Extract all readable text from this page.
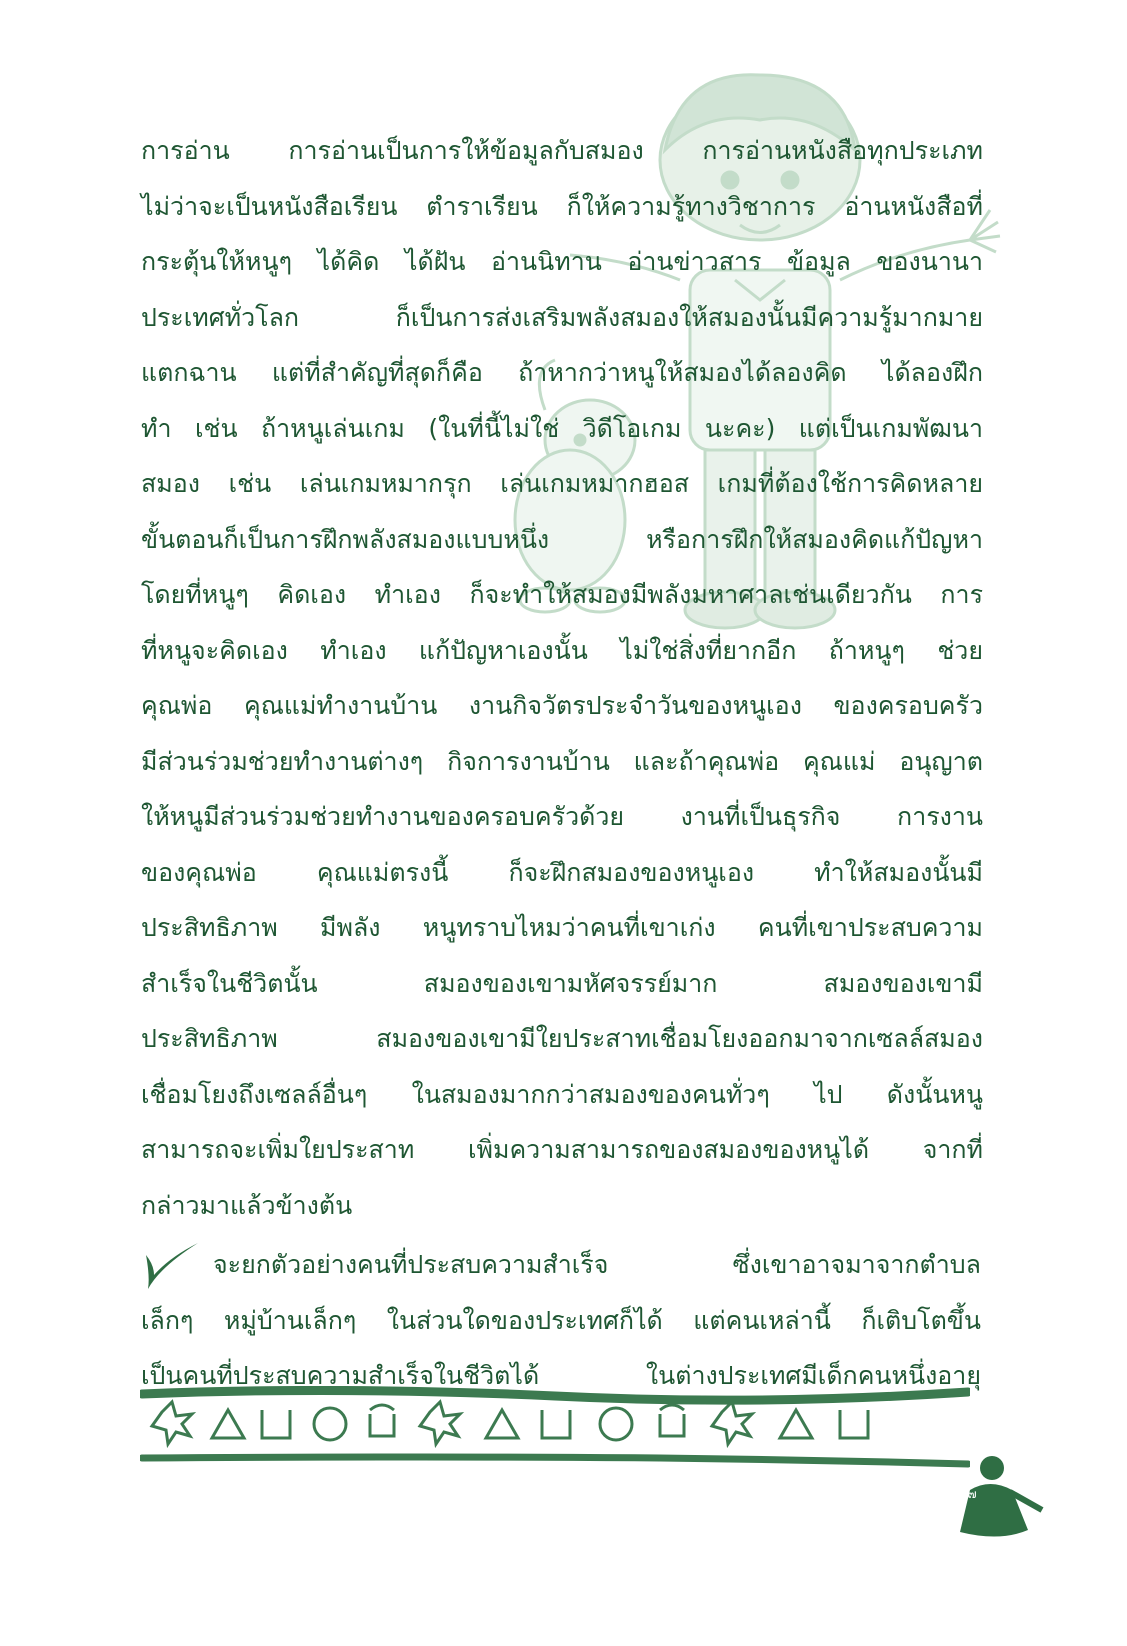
การอ่าน การอ่านเป็นการให้ข้อมูลกับสมอง การอ่านหนังสือทุกประเภท
ไม่ว่าจะเป็นหนังสือเรียน ตำราเรียน ก็ให้ความรู้ทางวิชาการ อ่านหนังสือที่
กระตุ้นให้หนูๆ ได้คิด ได้ฝัน อ่านนิทาน อ่านข่าวสาร ข้อมูล ของนานา
ประเทศทั่วโลก ก็เป็นการส่งเสริมพลังสมองให้สมองนั้นมีความรู้มากมาย
แตกฉาน แต่ที่สำคัญที่สุดก็คือ ถ้าหากว่าหนูให้สมองได้ลองคิด ได้ลองฝึก
ทำ เช่น ถ้าหนูเล่นเกม (ในที่นี้ไม่ใช่ วิดีโอเกม นะคะ) แต่เป็นเกมพัฒนา
สมอง เช่น เล่นเกมหมากรุก เล่นเกมหมากฮอส เกมที่ต้องใช้การคิดหลาย
ขั้นตอนก็เป็นการฝึกพลังสมองแบบหนึ่ง หรือการฝึกให้สมองคิดแก้ปัญหา
โดยที่หนูๆ คิดเอง ทำเอง ก็จะทำให้สมองมีพลังมหาศาลเช่นเดียวกัน การ
ที่หนูจะคิดเอง ทำเอง แก้ปัญหาเองนั้น ไม่ใช่สิ่งที่ยากอีก ถ้าหนูๆ ช่วย
คุณพ่อ คุณแม่ทำงานบ้าน งานกิจวัตรประจำวันของหนูเอง ของครอบครัว
มีส่วนร่วมช่วยทำงานต่างๆ กิจการงานบ้าน และถ้าคุณพ่อ คุณแม่ อนุญาต
ให้หนูมีส่วนร่วมช่วยทำงานของครอบครัวด้วย งานที่เป็นธุรกิจ การงาน
ของคุณพ่อ คุณแม่ตรงนี้ ก็จะฝึกสมองของหนูเอง ทำให้สมองนั้นมี
ประสิทธิภาพ มีพลัง หนูทราบไหมว่าคนที่เขาเก่ง คนที่เขาประสบความ
สำเร็จในชีวิตนั้น สมองของเขามหัศจรรย์มาก สมองของเขามี
ประสิทธิภาพ สมองของเขามีใยประสาทเชื่อมโยงออกมาจากเซลล์สมอง
เชื่อมโยงถึงเซลล์อื่นๆ ในสมองมากกว่าสมองของคนทั่วๆ ไป ดังนั้นหนู
สามารถจะเพิ่มใยประสาท เพิ่มความสามารถของสมองของหนูได้ จากที่
กล่าวมาแล้วข้างต้น
จะยกตัวอย่างคนที่ประสบความสำเร็จ ซึ่งเขาอาจมาจากตำบล
เล็กๆ หมู่บ้านเล็กๆ ในส่วนใดของประเทศก็ได้ แต่คนเหล่านี้ ก็เติบโตขึ้น
เป็นคนที่ประสบความสำเร็จในชีวิตได้ ในต่างประเทศมีเด็กคนหนึ่งอายุ
๑๗
